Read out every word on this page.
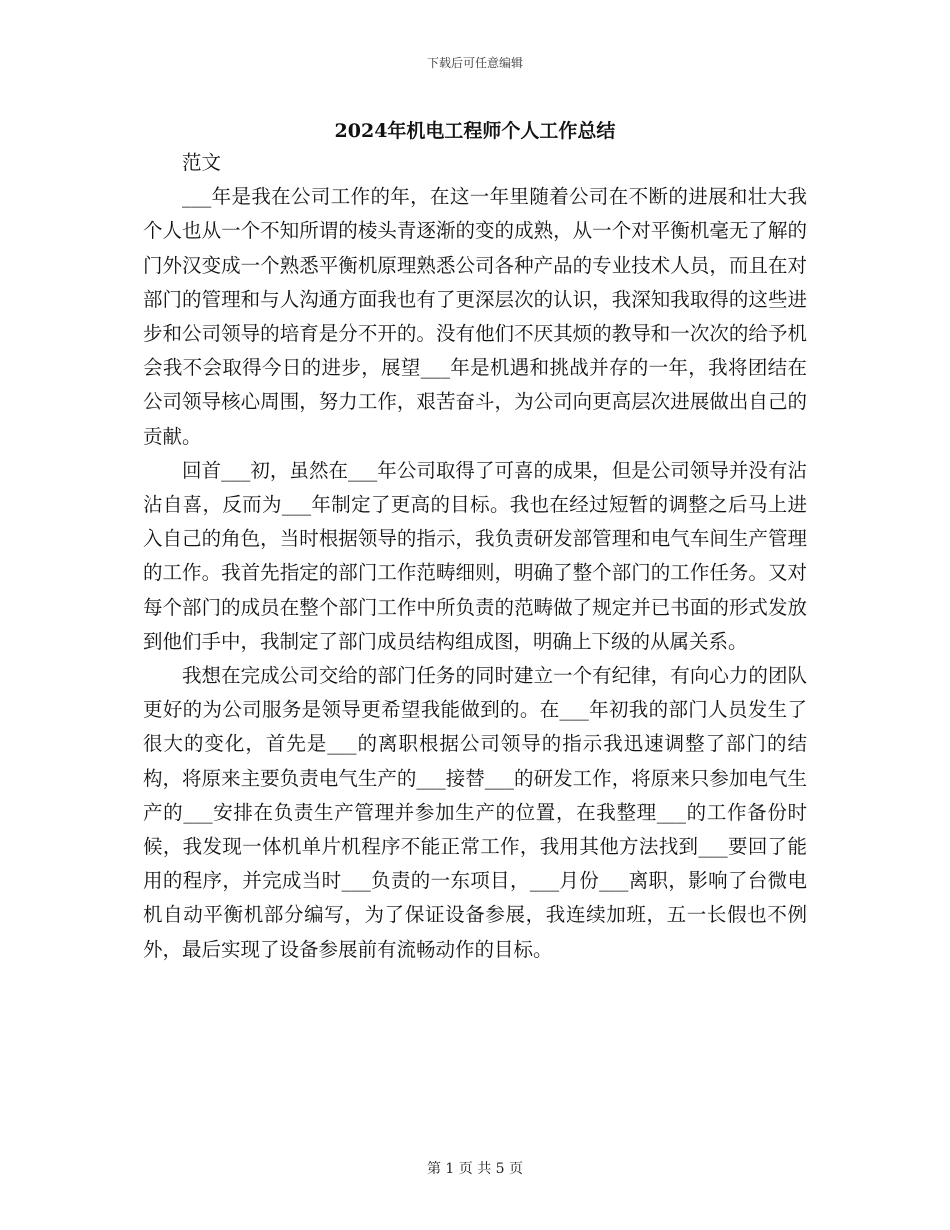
下载后可任意编辑
2024年机电工程师个人工作总结

范文

___年是我在公司工作的年，在这一年里随着公司在不断的进展和壮大我个人也从一个不知所谓的棱头青逐渐的变的成熟，从一个对平衡机毫无了解的门外汉变成一个熟悉平衡机原理熟悉公司各种产品的专业技术人员，而且在对部门的管理和与人沟通方面我也有了更深层次的认识，我深知我取得的这些进步和公司领导的培育是分不开的。没有他们不厌其烦的教导和一次次的给予机会我不会取得今日的进步，展望___年是机遇和挑战并存的一年，我将团结在公司领导核心周围，努力工作，艰苦奋斗，为公司向更高层次进展做出自己的贡献。

回首___初，虽然在___年公司取得了可喜的成果，但是公司领导并没有沾沾自喜，反而为___年制定了更高的目标。我也在经过短暂的调整之后马上进入自己的角色，当时根据领导的指示，我负责研发部管理和电气车间生产管理的工作。我首先指定的部门工作范畴细则，明确了整个部门的工作任务。又对每个部门的成员在整个部门工作中所负责的范畴做了规定并已书面的形式发放到他们手中，我制定了部门成员结构组成图，明确上下级的从属关系。

我想在完成公司交给的部门任务的同时建立一个有纪律，有向心力的团队更好的为公司服务是领导更希望我能做到的。在___年初我的部门人员发生了很大的变化，首先是___的离职根据公司领导的指示我迅速调整了部门的结构，将原来主要负责电气生产的___接替___的研发工作，将原来只参加电气生产的___安排在负责生产管理并参加生产的位置，在我整理___的工作备份时候，我发现一体机单片机程序不能正常工作，我用其他方法找到___要回了能用的程序，并完成当时___负责的一东项目，___月份___离职，影响了台微电机自动平衡机部分编写，为了保证设备参展，我连续加班，五一长假也不例外，最后实现了设备参展前有流畅动作的目标。

第 1 页 共 5 页
